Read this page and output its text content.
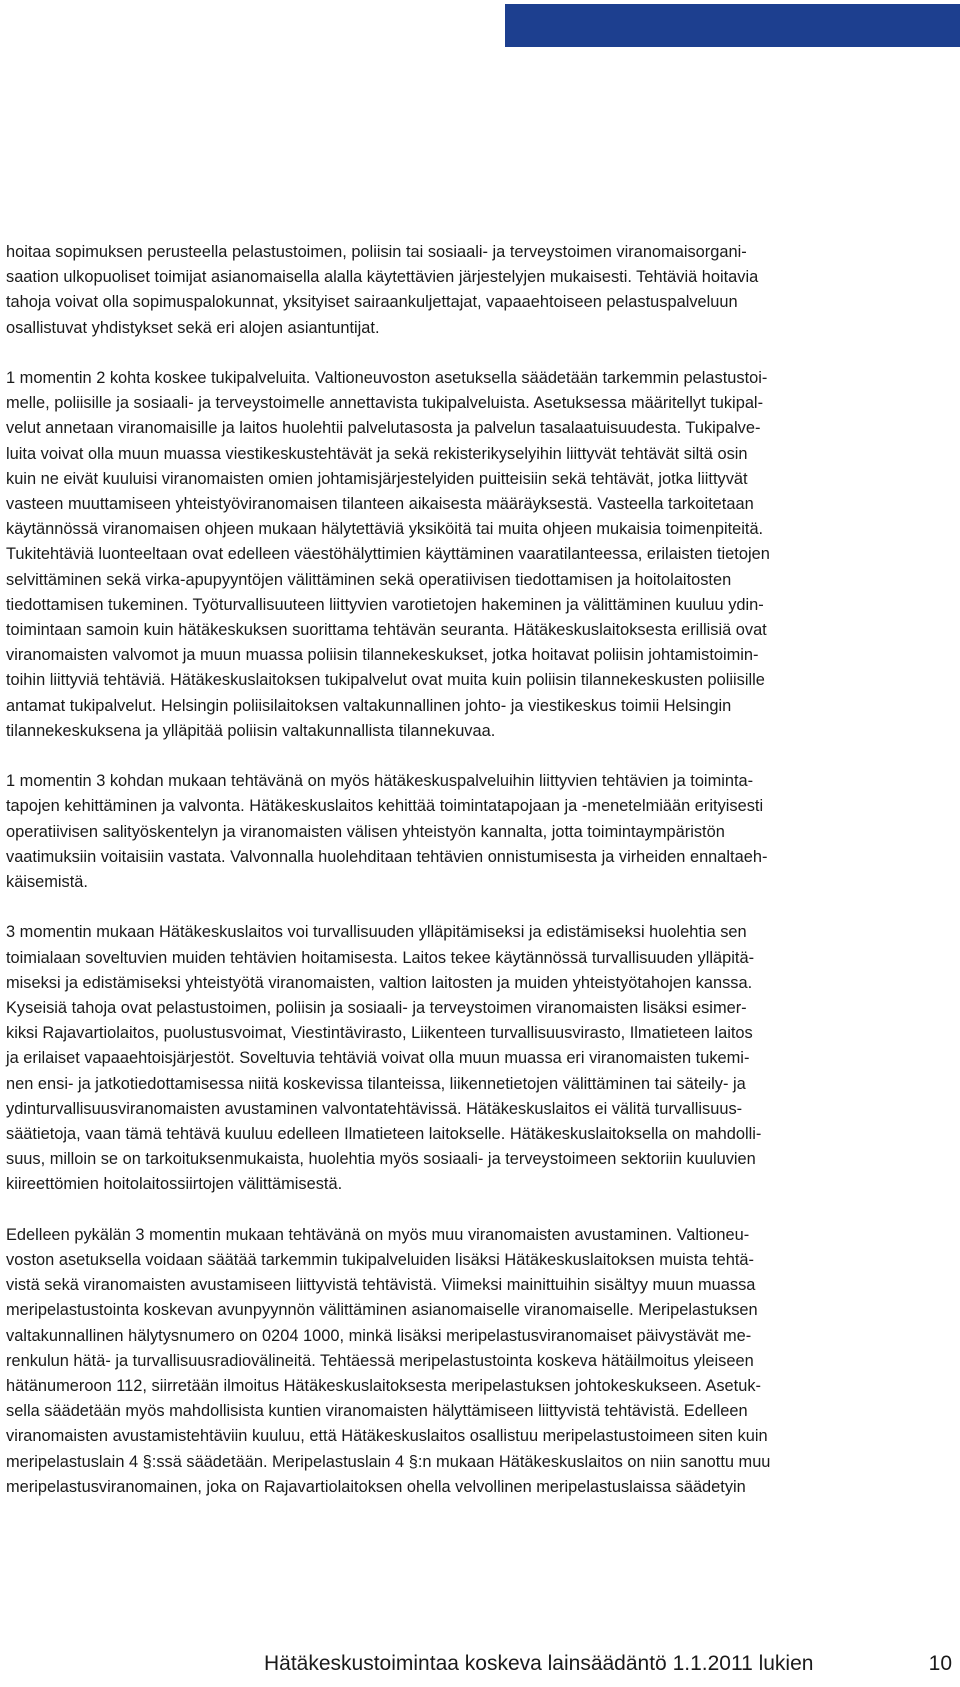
hoitaa sopimuksen perusteella pelastustoimen, poliisin tai sosiaali- ja terveystoimen viranomaisorgani-
saation ulkopuoliset toimijat asianomaisella alalla käytettävien järjestelyjen mukaisesti. Tehtäviä hoitavia
tahoja voivat olla sopimuspalokunnat, yksityiset sairaankuljettajat, vapaaehtoiseen pelastuspalveluun
osallistuvat yhdistykset sekä eri alojen asiantuntijat.

1 momentin 2 kohta koskee tukipalveluita. Valtioneuvoston asetuksella säädetään tarkemmin pelastustoi-
melle, poliisille ja sosiaali- ja terveystoimelle annettavista tukipalveluista. Asetuksessa määritellyt tukipal-
velut annetaan viranomaisille ja laitos huolehtii palvelutasosta ja palvelun tasalaatuisuudesta. Tukipalve-
luita voivat olla muun muassa viestikeskustehtävät ja sekä rekisterikyselyihin liittyvät tehtävät siltä osin
kuin ne eivät kuuluisi viranomaisten omien johtamisjärjestelyiden puitteisiin sekä tehtävät, jotka liittyvät
vasteen muuttamiseen yhteistyöviranomaisen tilanteen aikaisesta määräyksestä. Vasteella tarkoitetaan
käytännössä viranomaisen ohjeen mukaan hälytettäviä yksiköitä tai muita ohjeen mukaisia toimenpiteitä.
Tukitehtäviä luonteeltaan ovat edelleen väestöhälyttimien käyttäminen vaaratilanteessa, erilaisten tietojen
selvittäminen sekä virka-apupyyntöjen välittäminen sekä operatiivisen tiedottamisen ja hoitolaitosten
tiedottamisen tukeminen. Työturvallisuuteen liittyvien varotietojen hakeminen ja välittäminen kuuluu ydin-
toimintaan samoin kuin hätäkeskuksen suorittama tehtävän seuranta. Hätäkeskuslaitoksesta erillisiä ovat
viranomaisten valvomot ja muun muassa poliisin tilannekeskukset, jotka hoitavat poliisin johtamistoimin-
toihin liittyviä tehtäviä. Hätäkeskuslaitoksen tukipalvelut ovat muita kuin poliisin tilannekeskusten poliisille
antamat tukipalvelut. Helsingin poliisilaitoksen valtakunnallinen johto- ja viestikeskus toimii Helsingin
tilannekeskuksena ja ylläpitää poliisin valtakunnallista tilannekuvaa.

1 momentin 3 kohdan mukaan tehtävänä on myös hätäkeskuspalveluihin liittyvien tehtävien ja toiminta-
tapojen kehittäminen ja valvonta. Hätäkeskuslaitos kehittää toimintatapojaan ja -menetelmiään erityisesti
operatiivisen salityöskentelyn ja viranomaisten välisen yhteistyön kannalta, jotta toimintaympäristön
vaatimuksiin voitaisiin vastata. Valvonnalla huolehditaan tehtävien onnistumisesta ja virheiden ennaltaeh-
käisemistä.

3 momentin mukaan Hätäkeskuslaitos voi turvallisuuden ylläpitämiseksi ja edistämiseksi huolehtia sen
toimialaan soveltuvien muiden tehtävien hoitamisesta. Laitos tekee käytännössä turvallisuuden ylläpitä-
miseksi ja edistämiseksi yhteistyötä viranomaisten, valtion laitosten ja muiden yhteistyötahojen kanssa.
Kyseisiä tahoja ovat pelastustoimen, poliisin ja sosiaali- ja terveystoimen viranomaisten lisäksi esimer-
kiksi Rajavartiolaitos, puolustusvoimat, Viestintävirasto, Liikenteen turvallisuusvirasto, Ilmatieteen laitos
ja erilaiset vapaaehtoisjärjestöt. Soveltuvia tehtäviä voivat olla muun muassa eri viranomaisten tukemi-
nen ensi- ja jatkotiedottamisessa niitä koskevissa tilanteissa, liikennetietojen välittäminen tai säteily- ja
ydinturvallisuusviranomaisten avustaminen valvontatehtävissä. Hätäkeskuslaitos ei välitä turvallisuus-
säätietoja, vaan tämä tehtävä kuuluu edelleen Ilmatieteen laitokselle. Hätäkeskuslaitoksella on mahdolli-
suus, milloin se on tarkoituksenmukaista, huolehtia myös sosiaali- ja terveystoimeen sektoriin kuuluvien
kiireettömien hoitolaitossiirtojen välittämisestä.

Edelleen pykälän 3 momentin mukaan tehtävänä on myös muu viranomaisten avustaminen. Valtioneu-
voston asetuksella voidaan säätää tarkemmin tukipalveluiden lisäksi Hätäkeskuslaitoksen muista tehtä-
vistä sekä viranomaisten avustamiseen liittyvistä tehtävistä. Viimeksi mainittuihin sisältyy muun muassa
meripelastustointa koskevan avunpyynnön välittäminen asianomaiselle viranomaiselle. Meripelastuksen
valtakunnallinen hälytysnumero on 0204 1000, minkä lisäksi meripelastusviranomaiset päivystävät me-
renkulun hätä- ja turvallisuusradiovälineitä. Tehtäessä meripelastustointa koskeva hätäilmoitus yleiseen
hätänumeroon 112, siirretään ilmoitus Hätäkeskuslaitoksesta meripelastuksen johtokeskukseen. Asetuk-
sella säädetään myös mahdollisista kuntien viranomaisten hälyttämiseen liittyvistä tehtävistä. Edelleen
viranomaisten avustamistehtäviin kuuluu, että Hätäkeskuslaitos osallistuu meripelastustoimeen siten kuin
meripelastuslain 4 §:ssä säädetään. Meripelastuslain 4 §:n mukaan Hätäkeskuslaitos on niin sanottu muu
meripelastusviranomainen, joka on Rajavartiolaitoksen ohella velvollinen meripelastuslaissa säädetyin

Hätäkeskustoimintaa koskeva lainsäädäntö 1.1.2011 lukien	10
